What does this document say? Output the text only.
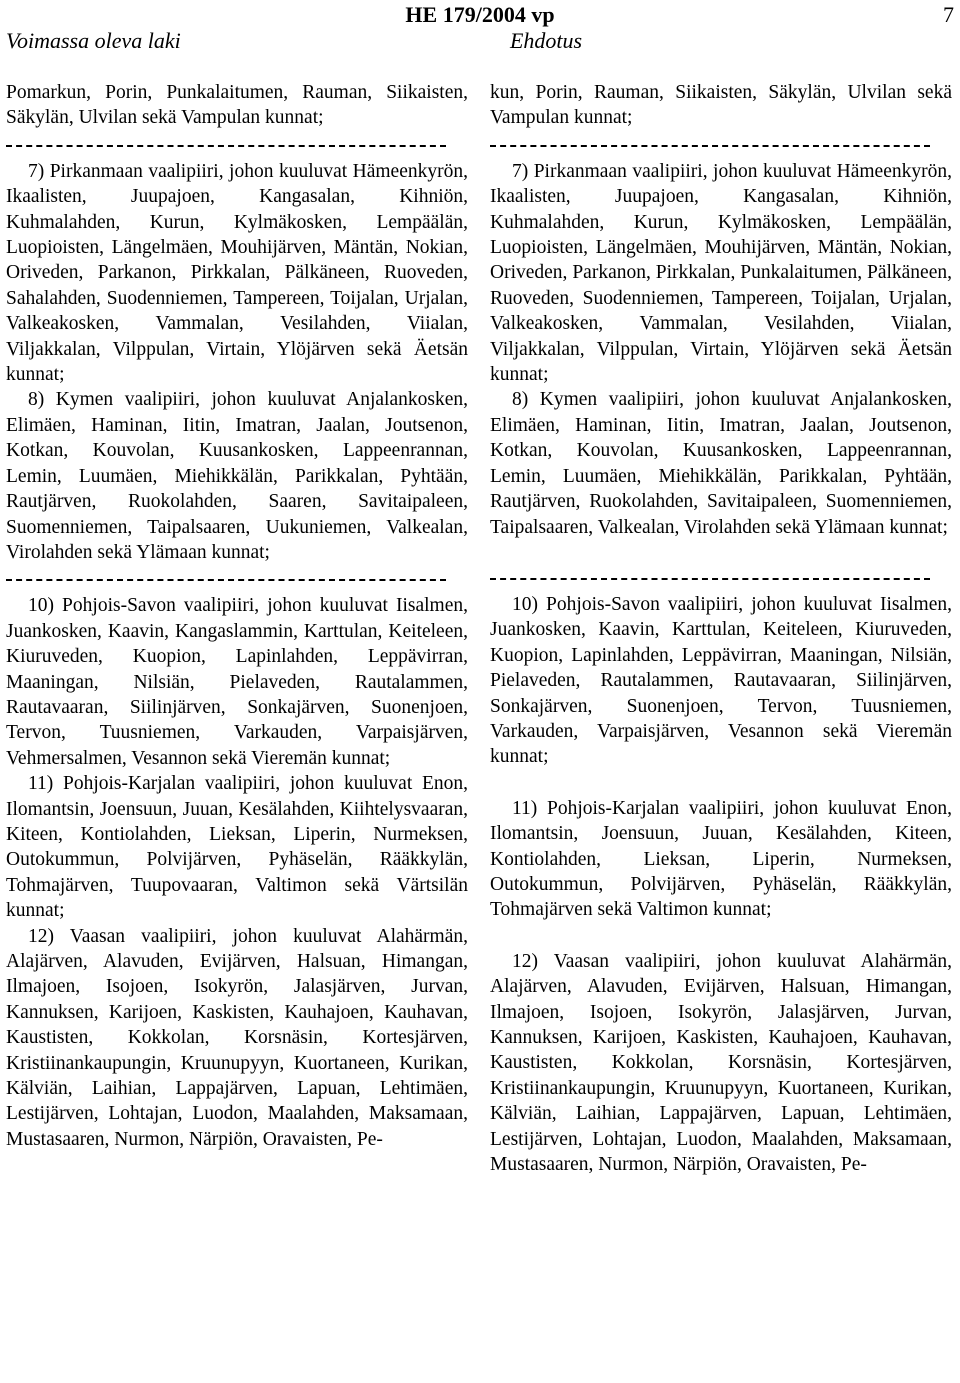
Voimassa oleva laki
HE 179/2004 vp
Ehdotus
7

Pomarkun, Porin, Punkalaitumen, Rauman, Siikaisten, Säkylän, Ulvilan sekä Vampulan kunnat;

7) Pirkanmaan vaalipiiri, johon kuuluvat Hämeenkyrön, Ikaalisten, Juupajoen, Kangasalan, Kihniön, Kuhmalahden, Kurun, Kylmäkosken, Lempäälän, Luopioisten, Längelmäen, Mouhijärven, Mäntän, Nokian, Oriveden, Parkanon, Pirkkalan, Pälkäneen, Ruoveden, Sahalahden, Suodenniemen, Tampereen, Toijalan, Urjalan, Valkeakosken, Vammalan, Vesilahden, Viialan, Viljakkalan, Vilppulan, Virtain, Ylöjärven sekä Äetsän kunnat;

8) Kymen vaalipiiri, johon kuuluvat Anjalankosken, Elimäen, Haminan, Iitin, Imatran, Jaalan, Joutsenon, Kotkan, Kouvolan, Kuusankosken, Lappeenrannan, Lemin, Luumäen, Miehikkälän, Parikkalan, Pyhtään, Rautjärven, Ruokolahden, Saaren, Savitaipaleen, Suomenniemen, Taipalsaaren, Uukuniemen, Valkealan, Virolahden sekä Ylämaan kunnat;

10) Pohjois-Savon vaalipiiri, johon kuuluvat Iisalmen, Juankosken, Kaavin, Kangaslammin, Karttulan, Keiteleen, Kiuruveden, Kuopion, Lapinlahden, Leppävirran, Maaningan, Nilsiän, Pielaveden, Rautalammen, Rautavaaran, Siilinjärven, Sonkajärven, Suonenjoen, Tervon, Tuusniemen, Varkauden, Varpaisjärven, Vehmersalmen, Vesannon sekä Vieremän kunnat;

11) Pohjois-Karjalan vaalipiiri, johon kuuluvat Enon, Ilomantsin, Joensuun, Juuan, Kesälahden, Kiihtelysvaaran, Kiteen, Kontiolahden, Lieksan, Liperin, Nurmeksen, Outokummun, Polvijärven, Pyhäselän, Rääkkylän, Tohmajärven, Tuupovaaran, Valtimon sekä Värtsilän kunnat;

12) Vaasan vaalipiiri, johon kuuluvat Alahärmän, Alajärven, Alavuden, Evijärven, Halsuan, Himangan, Ilmajoen, Isojoen, Isokyrön, Jalasjärven, Jurvan, Kannuksen, Karijoen, Kaskisten, Kauhajoen, Kauhavan, Kaustisten, Kokkolan, Korsnäsin, Kortesjärven, Kristiinankaupungin, Kruunupyyn, Kuortaneen, Kurikan, Kälviän, Laihian, Lappajärven, Lapuan, Lehtimäen, Lestijärven, Lohtajan, Luodon, Maalahden, Maksamaan, Mustasaaren, Nurmon, Närpiön, Oravaisten, Pe-

kun, Porin, Rauman, Siikaisten, Säkylän, Ulvilan sekä Vampulan kunnat;

7) Pirkanmaan vaalipiiri, johon kuuluvat Hämeenkyrön, Ikaalisten, Juupajoen, Kangasalan, Kihniön, Kuhmalahden, Kurun, Kylmäkosken, Lempäälän, Luopioisten, Längelmäen, Mouhijärven, Mäntän, Nokian, Oriveden, Parkanon, Pirkkalan, Punkalaitumen, Pälkäneen, Ruoveden, Suodenniemen, Tampereen, Toijalan, Urjalan, Valkeakosken, Vammalan, Vesilahden, Viialan, Viljakkalan, Vilppulan, Virtain, Ylöjärven sekä Äetsän kunnat;

8) Kymen vaalipiiri, johon kuuluvat Anjalankosken, Elimäen, Haminan, Iitin, Imatran, Jaalan, Joutsenon, Kotkan, Kouvolan, Kuusankosken, Lappeenrannan, Lemin, Luumäen, Miehikkälän, Parikkalan, Pyhtään, Rautjärven, Ruokolahden, Savitaipaleen, Suomenniemen, Taipalsaaren, Valkealan, Virolahden sekä Ylämaan kunnat;

10) Pohjois-Savon vaalipiiri, johon kuuluvat Iisalmen, Juankosken, Kaavin, Karttulan, Keiteleen, Kiuruveden, Kuopion, Lapinlahden, Leppävirran, Maaningan, Nilsiän, Pielaveden, Rautalammen, Rautavaaran, Siilinjärven, Sonkajärven, Suonenjoen, Tervon, Tuusniemen, Varkauden, Varpaisjärven, Vesannon sekä Vieremän kunnat;

11) Pohjois-Karjalan vaalipiiri, johon kuuluvat Enon, Ilomantsin, Joensuun, Juuan, Kesälahden, Kiteen, Kontiolahden, Lieksan, Liperin, Nurmeksen, Outokummun, Polvijärven, Pyhäselän, Rääkkylän, Tohmajärven sekä Valtimon kunnat;

12) Vaasan vaalipiiri, johon kuuluvat Alahärmän, Alajärven, Alavuden, Evijärven, Halsuan, Himangan, Ilmajoen, Isojoen, Isokyrön, Jalasjärven, Jurvan, Kannuksen, Karijoen, Kaskisten, Kauhajoen, Kauhavan, Kaustisten, Kokkolan, Korsnäsin, Kortesjärven, Kristiinankaupungin, Kruunupyyn, Kuortaneen, Kurikan, Kälviän, Laihian, Lappajärven, Lapuan, Lehtimäen, Lestijärven, Lohtajan, Luodon, Maalahden, Maksamaan, Mustasaaren, Nurmon, Närpiön, Oravaisten, Pe-
